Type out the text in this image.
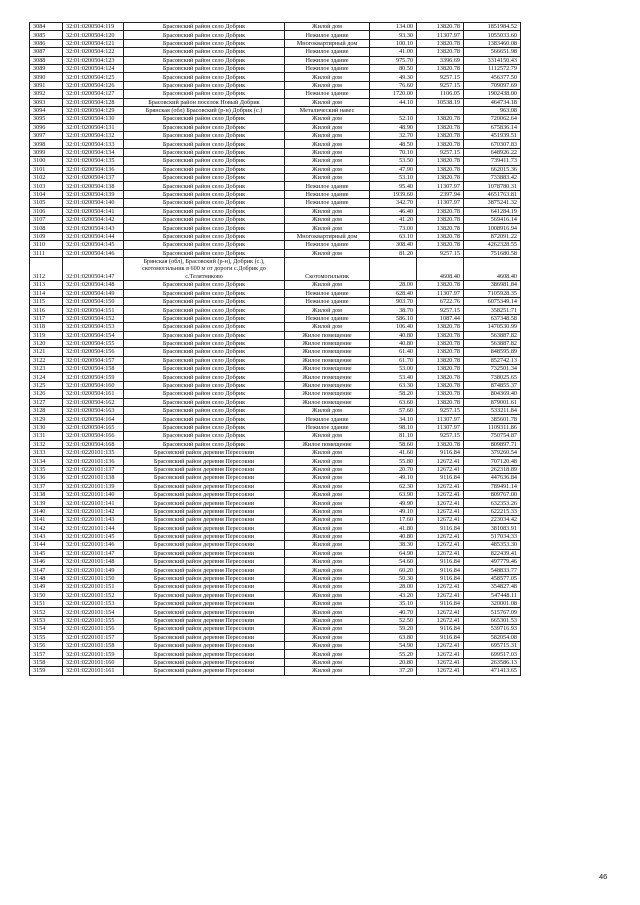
3084	32:01:0200504:119	Брасовский район село Добрик	Жилой дом	134.00	13820.78	1851984.52
3085	32:01:0200504:120	Брасовский район село Добрик	Нежилое здание	93.30	11307.97	1055033.60
3086	32:01:0200504:121	Брасовский район село Добрик	Многоквартирный дом	100.10	13820.78	1383460.08
3087	32:01:0200504:122	Брасовский район село Добрик	Нежилое здание	41.00	13820.78	566651.98
3088	32:01:0200504:123	Брасовский район село Добрик	Нежилое здание	975.70	3396.69	3314150.43
3089	32:01:0200504:124	Брасовский район село Добрик	Нежилое здание	80.50	13820.78	1112572.79
3090	32:01:0200504:125	Брасовский район село Добрик	Жилой дом	49.30	9257.15	456377.50
3091	32:01:0200504:126	Брасовский район село Добрик	Жилой дом	76.60	9257.15	709097.69
3092	32:01:0200504:127	Брасовский район село Добрик	Нежилое здание	1720.00	1106.05	1902438.00
3093	32:01:0200504:128	Брасовский район поселок Новый Добрик	Жилой дом	44.10	10538.19	464734.18
3094	32:01:0200504:129	Брянская (обл) Брасовский (р-н) Добрик (с.)	Металический навес			963.08
3095	32:01:0200504:130	Брасовский район село Добрик	Жилой дом	52.10	13820.78	720062.64
3096	32:01:0200504:131	Брасовский район село Добрик	Жилой дом	48.90	13820.78	675836.14
3097	32:01:0200504:132	Брасовский район село Добрик	Жилой дом	32.70	13820.78	451939.51
3098	32:01:0200504:133	Брасовский район село Добрик	Жилой дом	48.50	13820.78	670307.83
3099	32:01:0200504:134	Брасовский район село Добрик	Жилой дом	70.10	9257.15	648926.22
3100	32:01:0200504:135	Брасовский район село Добрик	Жилой дом	53.50	13820.78	739411.73
3101	32:01:0200504:136	Брасовский район село Добрик	Жилой дом	47.90	13820.78	662015.36
3102	32:01:0200504:137	Брасовский район село Добрик	Жилой дом	53.10	13820.78	733883.42
3103	32:01:0200504:138	Брасовский район село Добрик	Нежилое здание	95.40	11307.97	1078780.31
3104	32:01:0200504:139	Брасовский район село Добрик	Нежилое здание	1939.60	2397.94	4651763.81
3105	32:01:0200504:140	Брасовский район село Добрик	Нежилое здание	342.70	11307.97	3875241.32
3106	32:01:0200504:141	Брасовский район село Добрик	Жилой дом	46.40	13820.78	641284.19
3107	32:01:0200504:142	Брасовский район село Добрик	Жилой дом	41.20	13820.78	569416.14
3108	32:01:0200504:143	Брасовский район село Добрик	Жилой дом	73.00	13820.78	1008916.94
3109	32:01:0200504:144	Брасовский район село Добрик	Многоквартирный дом	63.10	13820.78	872091.22
3110	32:01:0200504:145	Брасовский район село Добрик	Нежилое здание	308.40	13820.78	4262328.55
3111	32:01:0200504:146	Брасовский район село Добрик	Жилой дом	81.20	9257.15	751680.58
3112	32:01:0200504:147	Брянская (обл), Брасовский (р-н), Добрик (с.), скотомогильник в 600 м от дороги с.Добрик до с.Телятниково	Скотомогильник		4608.40	4608.40
3113	32:01:0200504:148	Брасовский район село Добрик	Жилой дом	28.00	13820.78	386981.84
3114	32:01:0200504:149	Брасовский район село Добрик	Нежилое здание	628.40	11307.97	7105928.35
3115	32:01:0200504:150	Брасовский район село Добрик	Нежилое здание	903.70	6722.76	6075349.14
3116	32:01:0200504:151	Брасовский район село Добрик	Жилой дом	38.70	9257.15	358251.71
3117	32:01:0200504:152	Брасовский район село Добрик	Нежилое здание	586.10	1087.44	637348.58
3118	32:01:0200504:153	Брасовский район село Добрик	Жилой дом	106.40	13820.78	1470530.99
3119	32:01:0200504:154	Брасовский район село Добрик	Жилое помещение	40.80	13820.78	563887.82
3120	32:01:0200504:155	Брасовский район село Добрик	Жилое помещение	40.80	13820.78	563887.82
3121	32:01:0200504:156	Брасовский район село Добрик	Жилое помещение	61.40	13820.78	848595.89
3122	32:01:0200504:157	Брасовский район село Добрик	Жилое помещение	61.70	13820.78	852742.13
3123	32:01:0200504:158	Брасовский район село Добрик	Жилое помещение	53.00	13820.78	732501.34
3124	32:01:0200504:159	Брасовский район село Добрик	Жилое помещение	53.40	13820.78	738025.65
3125	32:01:0200504:160	Брасовский район село Добрик	Жилое помещение	63.30	13820.78	874855.37
3126	32:01:0200504:161	Брасовский район село Добрик	Жилое помещение	58.20	13820.78	804369.40
3127	32:01:0200504:162	Брасовский район село Добрик	Жилое помещение	63.60	13820.78	879001.61
3128	32:01:0200504:163	Брасовский район село Добрик	Жилой дом	57.60	9257.15	533211.84
3129	32:01:0200504:164	Брасовский район село Добрик	Нежилое здание	34.10	11307.97	385601.78
3130	32:01:0200504:165	Брасовский район село Добрик	Нежилое здание	98.10	11307.97	1109311.86
3131	32:01:0200504:166	Брасовский район село Добрик	Жилой дом	81.10	9257.15	750754.87
3132	32:01:0200504:168	Брасовский район село Добрик	Жилое помещение	58.60	13820.78	809897.71
3133	32:01:0220101:135	Брасовский район деревня Пересокни	Жилой дом	41.60	9116.84	379260.54
3134	32:01:0220101:136	Брасовский район деревня Пересокни	Жилой дом	55.80	12672.41	707120.48
3135	32:01:0220101:137	Брасовский район деревня Пересокни	Жилой дом	20.70	12672.41	262318.89
3136	32:01:0220101:138	Брасовский район деревня Пересокни	Жилой дом	49.10	9116.84	447636.84
3137	32:01:0220101:139	Брасовский район деревня Пересокни	Жилой дом	62.30	12672.41	789491.14
3138	32:01:0220101:140	Брасовский район деревня Пересокни	Жилой дом	63.90	12672.41	809767.00
3139	32:01:0220101:141	Брасовский район деревня Пересокни	Жилой дом	49.90	12672.41	632353.26
3140	32:01:0220101:142	Брасовский район деревня Пересокни	Жилой дом	49.10	12672.41	622215.33
3141	32:01:0220101:143	Брасовский район деревня Пересокни	Жилой дом	17.60	12672.41	223034.42
3142	32:01:0220101:144	Брасовский район деревня Пересокни	Жилой дом	41.80	9116.84	381083.91
3143	32:01:0220101:145	Брасовский район деревня Пересокни	Жилой дом	40.80	12672.41	517034.33
3144	32:01:0220101:146	Брасовский район деревня Пересокни	Жилой дом	38.30	12672.41	485353.30
3145	32:01:0220101:147	Брасовский район деревня Пересокни	Жилой дом	64.90	12672.41	822439.41
3146	32:01:0220101:148	Брасовский район деревня Пересокни	Жилой дом	54.60	9116.84	497779.46
3147	32:01:0220101:149	Брасовский район деревня Пересокни	Жилой дом	60.20	9116.84	548833.77
3148	32:01:0220101:150	Брасовский район деревня Пересокни	Жилой дом	50.30	9116.84	458577.05
3149	32:01:0220101:151	Брасовский район деревня Пересокни	Жилой дом	28.00	12672.41	354827.48
3150	32:01:0220101:152	Брасовский район деревня Пересокни	Жилой дом	43.20	12672.41	547448.11
3151	32:01:0220101:153	Брасовский район деревня Пересокни	Жилой дом	35.10	9116.84	320001.08
3152	32:01:0220101:154	Брасовский район деревня Пересокни	Жилой дом	40.70	12672.41	515767.09
3153	32:01:0220101:155	Брасовский район деревня Пересокни	Жилой дом	52.50	12672.41	665301.53
3154	32:01:0220101:156	Брасовский район деревня Пересокни	Жилой дом	59.20	9116.84	539716.93
3155	32:01:0220101:157	Брасовский район деревня Пересокни	Жилой дом	63.80	9116.84	582054.08
3156	32:01:0220101:158	Брасовский район деревня Пересокни	Жилой дом	54.90	12672.41	695715.31
3157	32:01:0220101:159	Брасовский район деревня Пересокни	Жилой дом	55.20	12672.41	699517.03
3158	32:01:0220101:160	Брасовский район деревня Пересокни	Жилой дом	20.80	12672.41	263586.13
3159	32:01:0220101:161	Брасовский район деревня Пересокни	Жилой дом	37.20	12672.41	471413.65
46
